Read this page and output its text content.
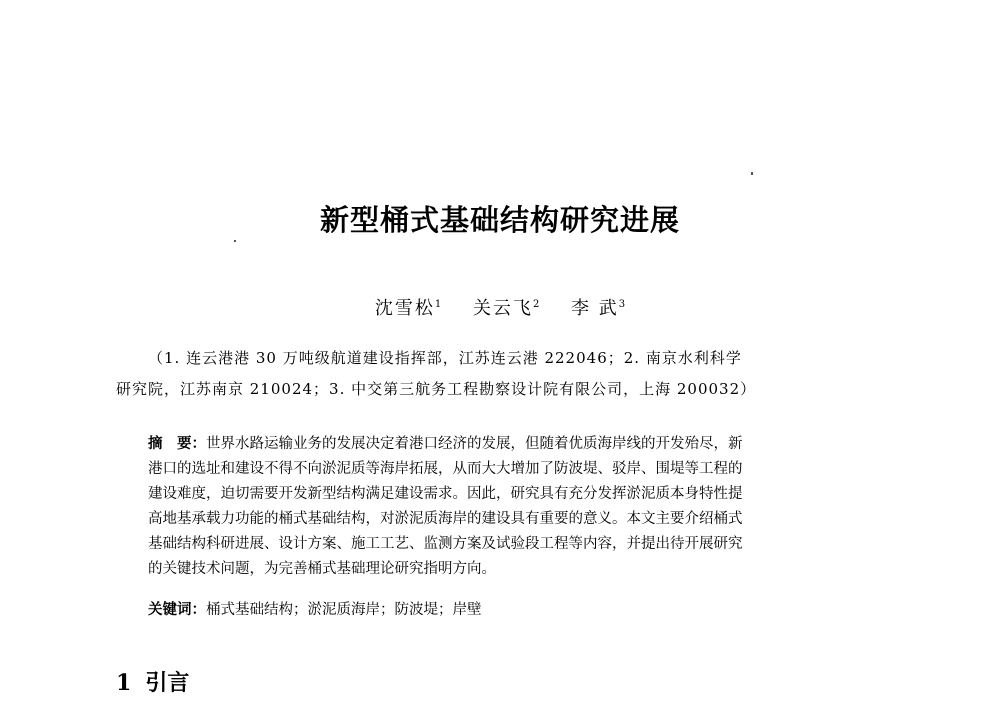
新型桶式基础结构研究进展
沈雪松$^1$ 关云飞$^2$ 李 武$^3$
（1. 连云港港 30 万吨级航道建设指挥部，江苏连云港 222046；2. 南京水利科学
研究院，江苏南京 210024；3. 中交第三航务工程勘察设计院有限公司，上海 200032）
摘　要：世界水路运输业务的发展决定着港口经济的发展，但随着优质海岸线的开发殆尽，新
港口的选址和建设不得不向淤泥质等海岸拓展，从而大大增加了防波堤、驳岸、围堤等工程的
建设难度，迫切需要开发新型结构满足建设需求。因此，研究具有充分发挥淤泥质本身特性提
高地基承载力功能的桶式基础结构，对淤泥质海岸的建设具有重要的意义。本文主要介绍桶式
基础结构科研进展、设计方案、施工工艺、监测方案及试验段工程等内容，并提出待开展研究
的关键技术问题，为完善桶式基础理论研究指明方向。
关键词：桶式基础结构；淤泥质海岸；防波堤；岸壁
1 引言
